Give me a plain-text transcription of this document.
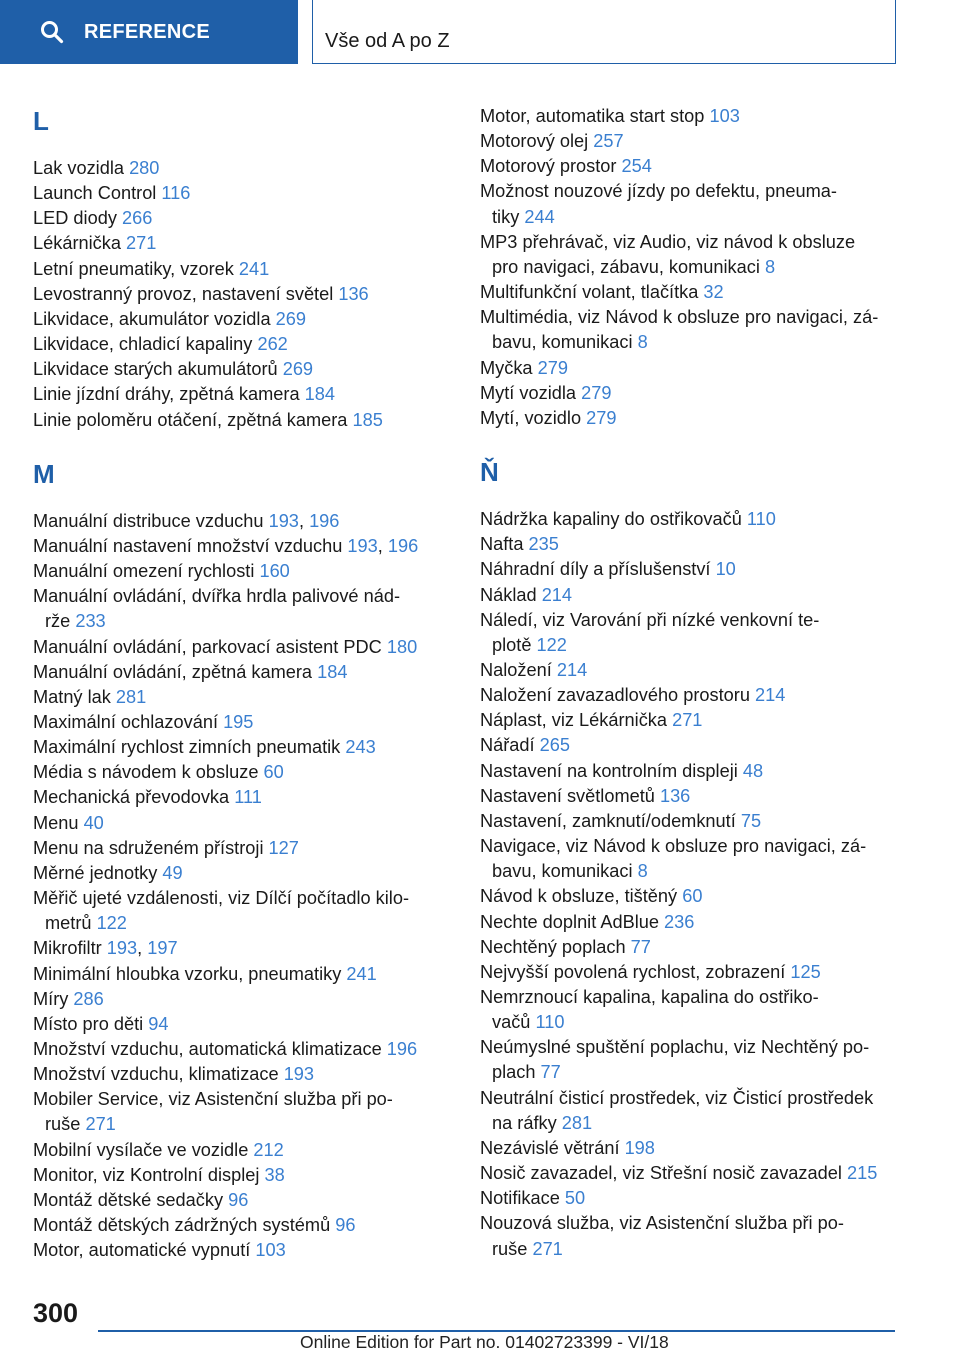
REFERENCE	Vše od A po Z
L
Lak vozidla 280
Launch Control 116
LED diody 266
Lékárnička 271
Letní pneumatiky, vzorek 241
Levostranný provoz, nastavení světel 136
Likvidace, akumulátor vozidla 269
Likvidace, chladicí kapaliny 262
Likvidace starých akumulátorů 269
Linie jízdní dráhy, zpětná kamera 184
Linie poloměru otáčení, zpětná kamera 185
M
Manuální distribuce vzduchu 193, 196
Manuální nastavení množství vzduchu 193, 196
Manuální omezení rychlosti 160
Manuální ovládání, dvířka hrdla palivové nád-
rže 233
Manuální ovládání, parkovací asistent PDC 180
Manuální ovládání, zpětná kamera 184
Matný lak 281
Maximální ochlazování 195
Maximální rychlost zimních pneumatik 243
Média s návodem k obsluze 60
Mechanická převodovka 111
Menu 40
Menu na sdruženém přístroji 127
Měrné jednotky 49
Měřič ujeté vzdálenosti, viz Dílčí počítadlo kilo-
metrů 122
Mikrofiltr 193, 197
Minimální hloubka vzorku, pneumatiky 241
Míry 286
Místo pro děti 94
Množství vzduchu, automatická klimatizace 196
Množství vzduchu, klimatizace 193
Mobiler Service, viz Asistenční služba při po-
ruše 271
Mobilní vysílače ve vozidle 212
Monitor, viz Kontrolní displej 38
Montáž dětské sedačky 96
Montáž dětských zádržných systémů 96
Motor, automatické vypnutí 103
Motor, automatika start stop 103
Motorový olej 257
Motorový prostor 254
Možnost nouzové jízdy po defektu, pneuma-
tiky 244
MP3 přehrávač, viz Audio, viz návod k obsluze
pro navigaci, zábavu, komunikaci 8
Multifunkční volant, tlačítka 32
Multimédia, viz Návod k obsluze pro navigaci, zá-
bavu, komunikaci 8
Myčka 279
Mytí vozidla 279
Mytí, vozidlo 279
Ň
Nádržka kapaliny do ostřikovačů 110
Nafta 235
Náhradní díly a příslušenství 10
Náklad 214
Náledí, viz Varování při nízké venkovní te-
plotě 122
Naložení 214
Naložení zavazadlového prostoru 214
Náplast, viz Lékárnička 271
Nářadí 265
Nastavení na kontrolním displeji 48
Nastavení světlometů 136
Nastavení, zamknutí/odemknutí 75
Navigace, viz Návod k obsluze pro navigaci, zá-
bavu, komunikaci 8
Návod k obsluze, tištěný 60
Nechte doplnit AdBlue 236
Nechtěný poplach 77
Nejvyšší povolená rychlost, zobrazení 125
Nemrznoucí kapalina, kapalina do ostřiko-
vačů 110
Neúmyslné spuštění poplachu, viz Nechtěný po-
plach 77
Neutrální čisticí prostředek, viz Čisticí prostředek
na ráfky 281
Nezávislé větrání 198
Nosič zavazadel, viz Střešní nosič zavazadel 215
Notifikace 50
Nouzová služba, viz Asistenční služba při po-
ruše 271
300
Online Edition for Part no. 01402723399 - VI/18
